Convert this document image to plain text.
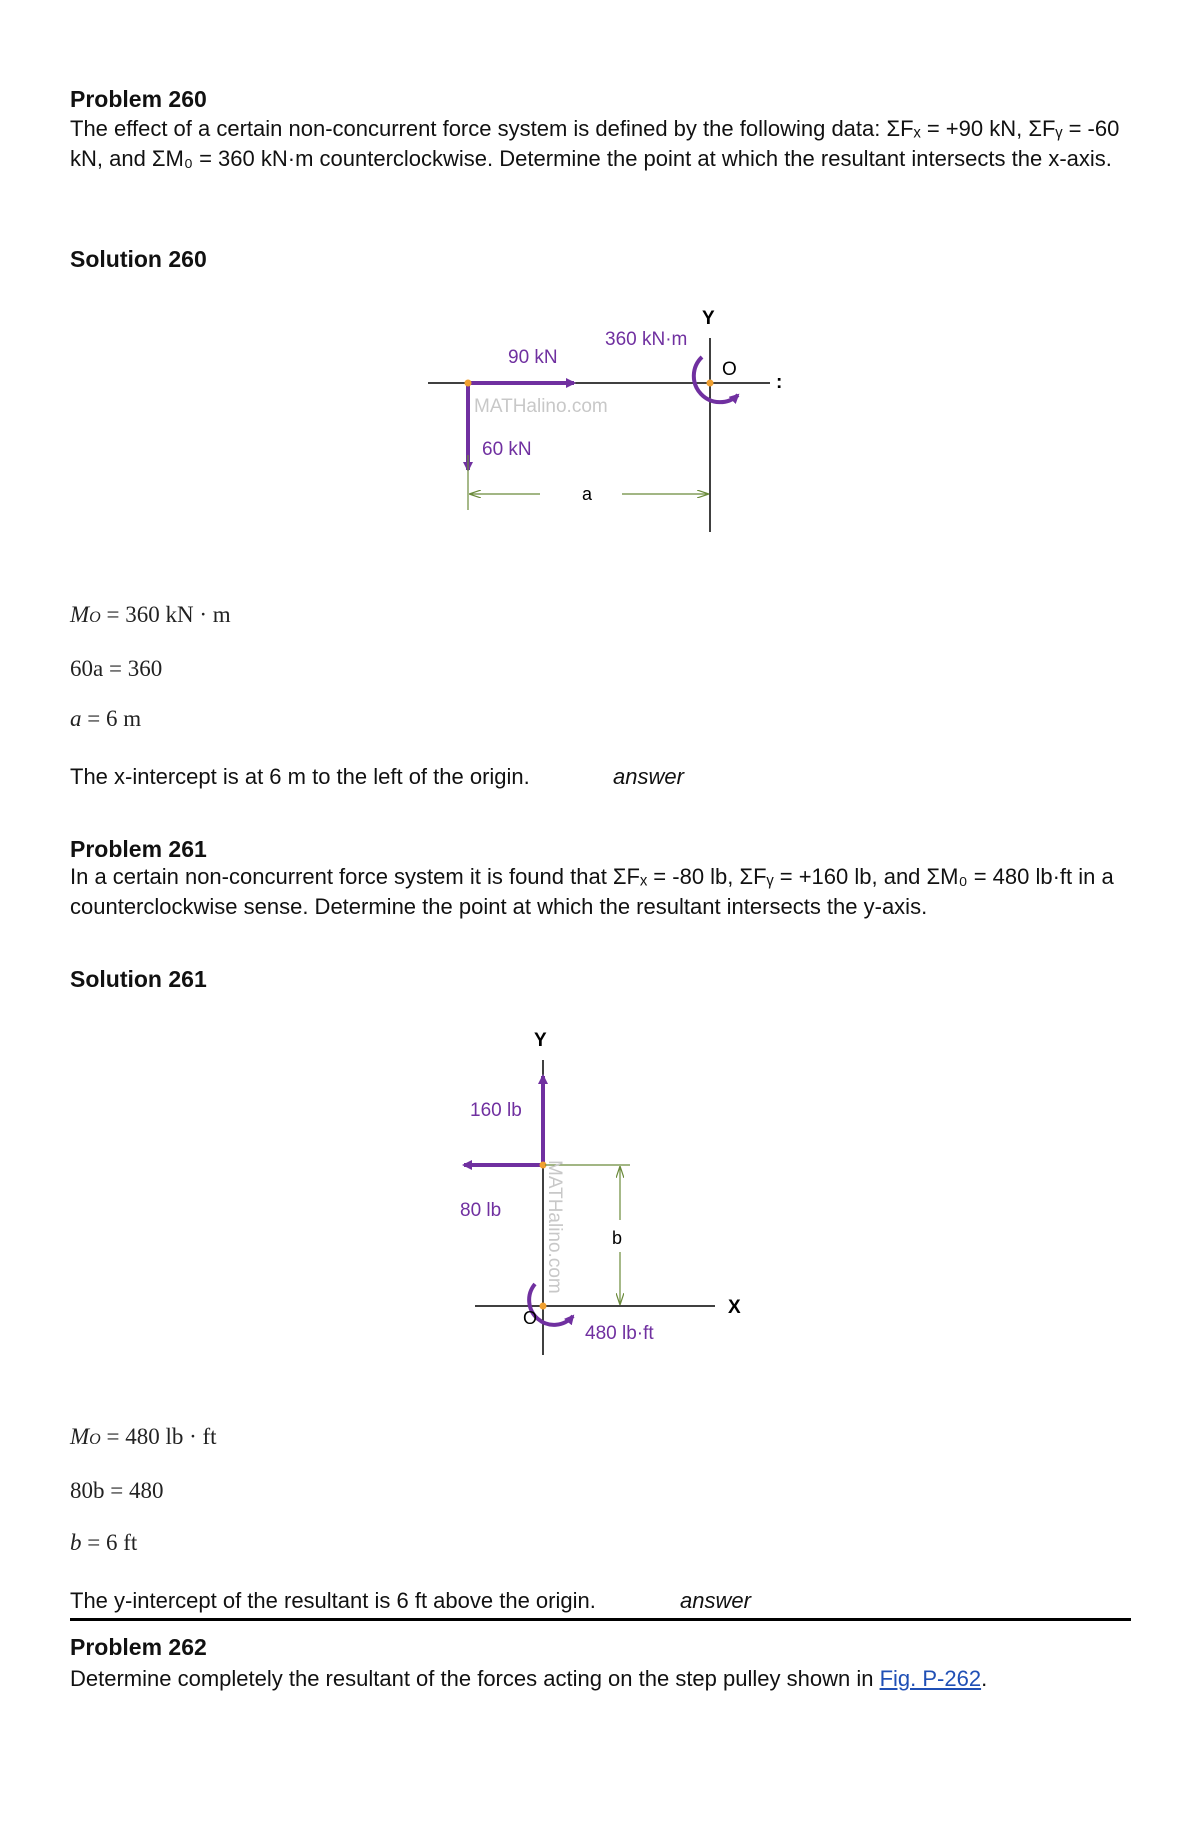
Problem 260
The effect of a certain non-concurrent force system is defined by the following data: ΣFₓ = +90 kN, ΣFᵧ = -60 kN, and ΣM₀ = 360 kN·m counterclockwise. Determine the point at which the resultant intersects the x-axis.
Solution 260
360 kN·m
90 kN
60 kN
Y
O
:
a
MATHalino.com
MO = 360 kN · m
60a = 360
a = 6 m
The x-intercept is at 6 m to the left of the origin.	answer
Problem 261
In a certain non-concurrent force system it is found that ΣFₓ = -80 lb, ΣFᵧ = +160 lb, and ΣM₀ = 480 lb·ft in a counterclockwise sense. Determine the point at which the resultant intersects the y-axis.
Solution 261
Y
X
160 lb
80 lb
b
O
480 lb·ft
MATHalino.com
MO = 480 lb · ft
80b = 480
b = 6 ft
The y-intercept of the resultant is 6 ft above the origin.	answer
Problem 262
Determine completely the resultant of the forces acting on the step pulley shown in Fig. P-262.
